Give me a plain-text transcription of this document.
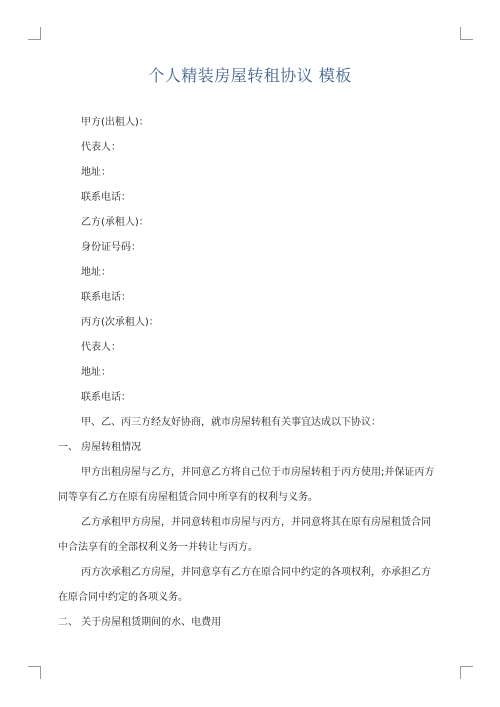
个人精装房屋转租协议 模板

甲方(出租人)：

代表人：

地址：

联系电话：

乙方(承租人)：

身份证号码：

地址：

联系电话：

丙方(次承租人)：

代表人：

地址：

联系电话：

甲、乙、丙三方经友好协商，就市房屋转租有关事宜达成以下协议：

一、 房屋转租情况

甲方出租房屋与乙方，并同意乙方将自己位于市房屋转租于丙方使用;并保证丙方

同等享有乙方在原有房屋租赁合同中所享有的权利与义务。

乙方承租甲方房屋，并同意转租市房屋与丙方，并同意将其在原有房屋租赁合同

中合法享有的全部权利义务一并转让与丙方。

丙方次承租乙方房屋，并同意享有乙方在原合同中约定的各项权利，亦承担乙方

在原合同中约定的各项义务。

二、 关于房屋租赁期间的水、电费用
